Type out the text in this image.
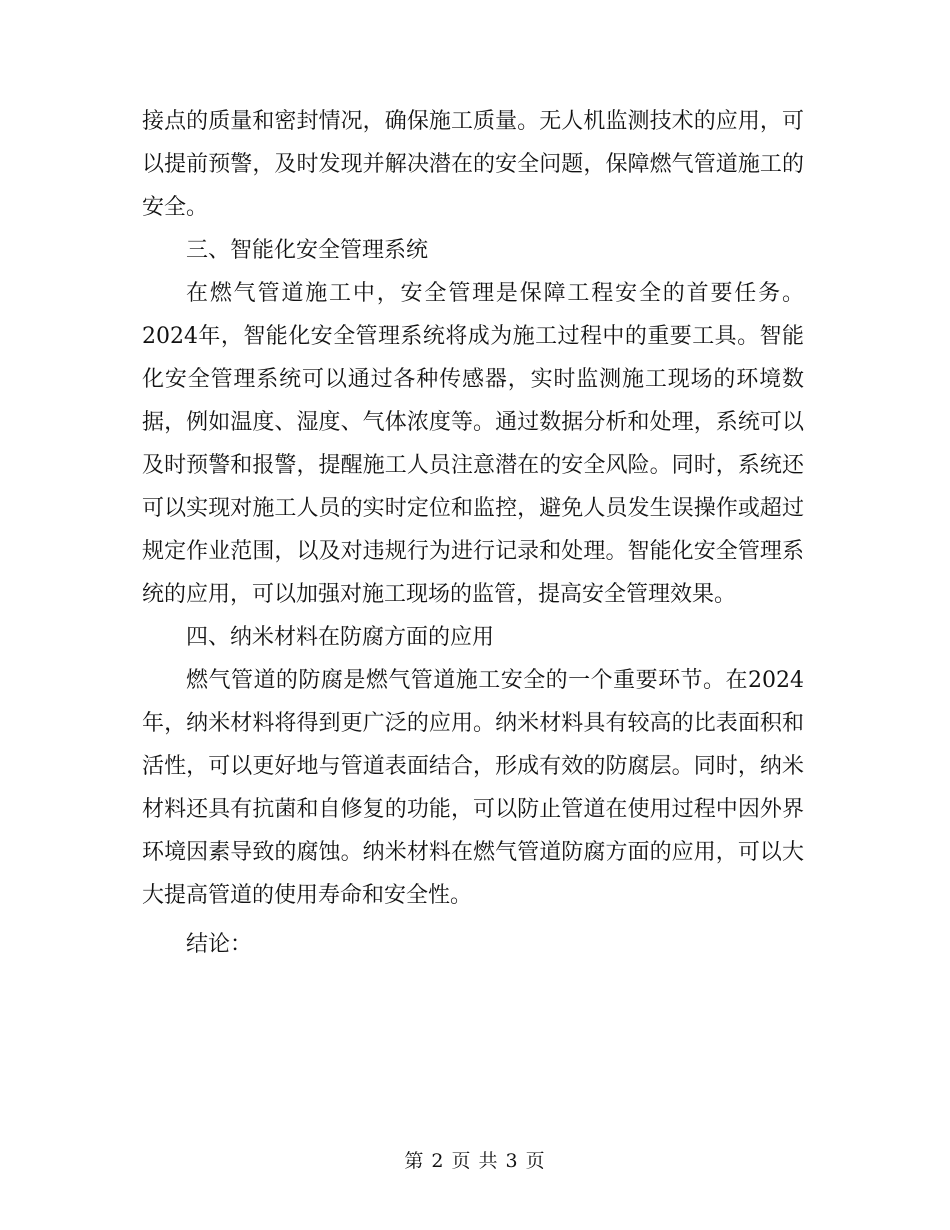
接点的质量和密封情况，确保施工质量。无人机监测技术的应用，可以提前预警，及时发现并解决潜在的安全问题，保障燃气管道施工的安全。

三、智能化安全管理系统

在燃气管道施工中，安全管理是保障工程安全的首要任务。2024年，智能化安全管理系统将成为施工过程中的重要工具。智能化安全管理系统可以通过各种传感器，实时监测施工现场的环境数据，例如温度、湿度、气体浓度等。通过数据分析和处理，系统可以及时预警和报警，提醒施工人员注意潜在的安全风险。同时，系统还可以实现对施工人员的实时定位和监控，避免人员发生误操作或超过规定作业范围，以及对违规行为进行记录和处理。智能化安全管理系统的应用，可以加强对施工现场的监管，提高安全管理效果。

四、纳米材料在防腐方面的应用

燃气管道的防腐是燃气管道施工安全的一个重要环节。在2024年，纳米材料将得到更广泛的应用。纳米材料具有较高的比表面积和活性，可以更好地与管道表面结合，形成有效的防腐层。同时，纳米材料还具有抗菌和自修复的功能，可以防止管道在使用过程中因外界环境因素导致的腐蚀。纳米材料在燃气管道防腐方面的应用，可以大大提高管道的使用寿命和安全性。

结论：

第 2 页 共 3 页
